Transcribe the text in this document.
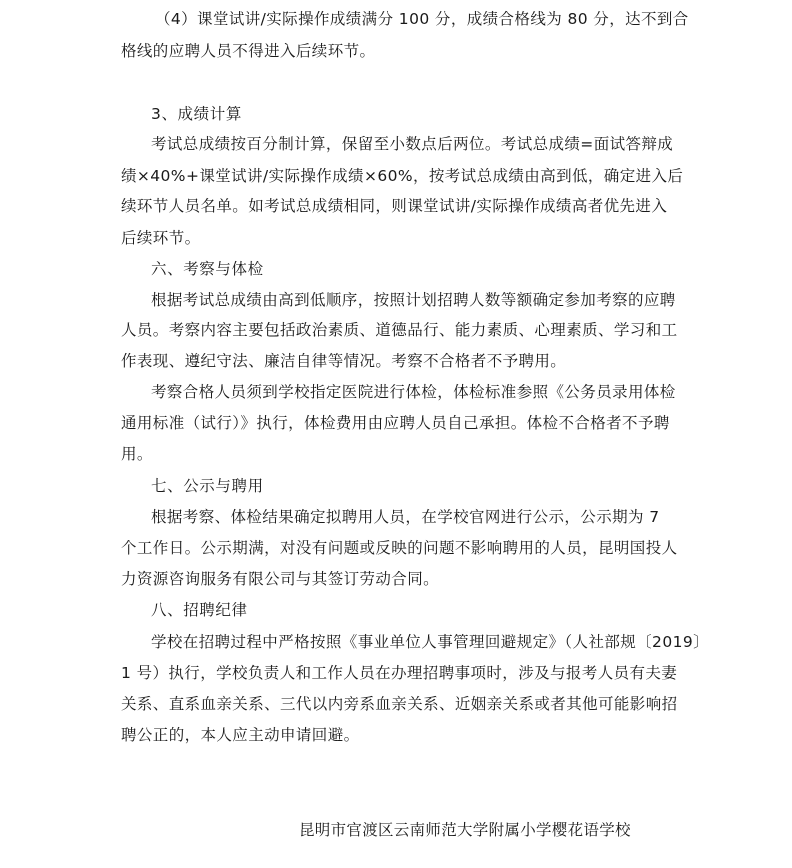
（4）课堂试讲/实际操作成绩满分 100 分，成绩合格线为 80 分，达不到合
格线的应聘人员不得进入后续环节。
3、成绩计算
考试总成绩按百分制计算，保留至小数点后两位。考试总成绩=面试答辩成
绩×40%+课堂试讲/实际操作成绩×60%，按考试总成绩由高到低，确定进入后
续环节人员名单。如考试总成绩相同，则课堂试讲/实际操作成绩高者优先进入
后续环节。
六、考察与体检
根据考试总成绩由高到低顺序，按照计划招聘人数等额确定参加考察的应聘
人员。考察内容主要包括政治素质、道德品行、能力素质、心理素质、学习和工
作表现、遵纪守法、廉洁自律等情况。考察不合格者不予聘用。
考察合格人员须到学校指定医院进行体检，体检标准参照《公务员录用体检
通用标准（试行）》执行，体检费用由应聘人员自己承担。体检不合格者不予聘
用。
七、公示与聘用
根据考察、体检结果确定拟聘用人员，在学校官网进行公示，公示期为 7
个工作日。公示期满，对没有问题或反映的问题不影响聘用的人员，昆明国投人
力资源咨询服务有限公司与其签订劳动合同。
八、招聘纪律
学校在招聘过程中严格按照《事业单位人事管理回避规定》（人社部规〔2019〕
1 号）执行，学校负责人和工作人员在办理招聘事项时，涉及与报考人员有夫妻
关系、直系血亲关系、三代以内旁系血亲关系、近姻亲关系或者其他可能影响招
聘公正的，本人应主动申请回避。
昆明市官渡区云南师范大学附属小学樱花语学校
